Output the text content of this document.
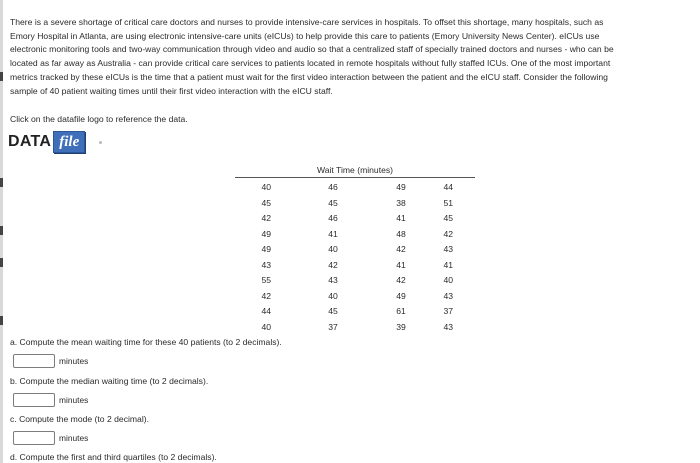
There is a severe shortage of critical care doctors and nurses to provide intensive-care services in hospitals. To offset this shortage, many hospitals, such as

Emory Hospital in Atlanta, are using electronic intensive-care units (eICUs) to help provide this care to patients (Emory University News Center). eICUs use

electronic monitoring tools and two-way communication through video and audio so that a centralized staff of specially trained doctors and nurses - who can be

located as far away as Australia - can provide critical care services to patients located in remote hospitals without fully staffed ICUs. One of the most important

metrics tracked by these eICUs is the time that a patient must wait for the first video interaction between the patient and the eICU staff. Consider the following

sample of 40 patient waiting times until their first video interaction with the eICU staff.

Click on the datafile logo to reference the data.
DATA file
Wait Time (minutes)
40	46	49	44
45	45	38	51
42	46	41	45
49	41	48	42
49	40	42	43
43	42	41	41
55	43	42	40
42	40	49	43
44	45	61	37
40	37	39	43
a. Compute the mean waiting time for these 40 patients (to 2 decimals).
minutes
b. Compute the median waiting time (to 2 decimals).
minutes
c. Compute the mode (to 2 decimal).
minutes
d. Compute the first and third quartiles (to 2 decimals).
